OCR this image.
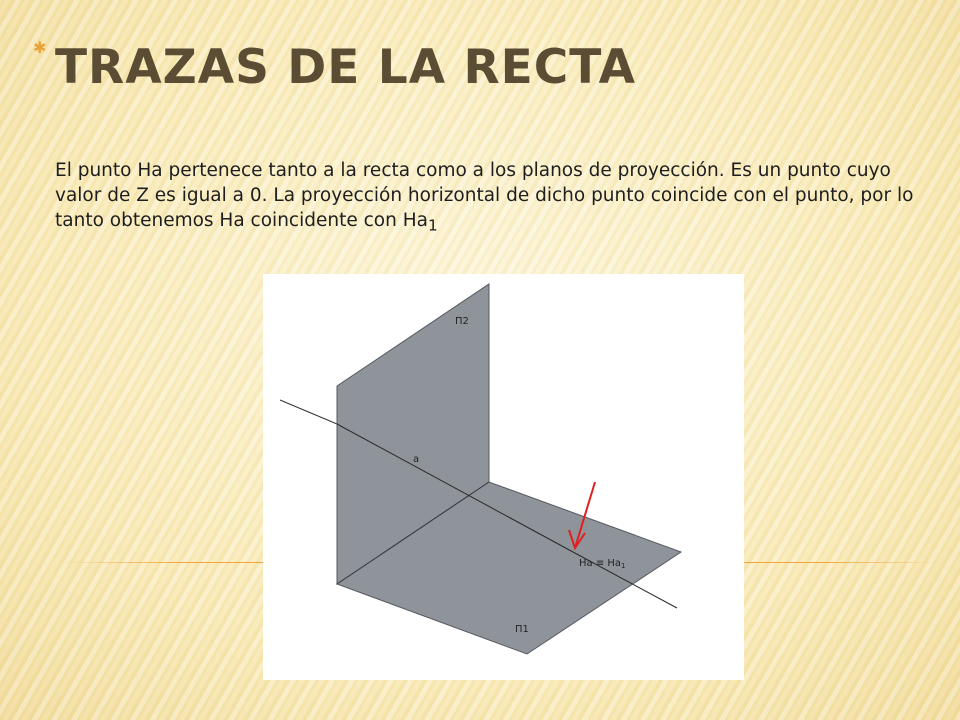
✱ TRAZAS DE LA RECTA

El punto Ha pertenece tanto a la recta como a los planos de proyección. Es un punto cuyo valor de Z es igual a 0. La proyección horizontal de dicho punto coincide con el punto, por lo tanto obtenemos Ha coincidente con $Ha_1$

Π2
a
$Ha \equiv Ha_1$
Π1
